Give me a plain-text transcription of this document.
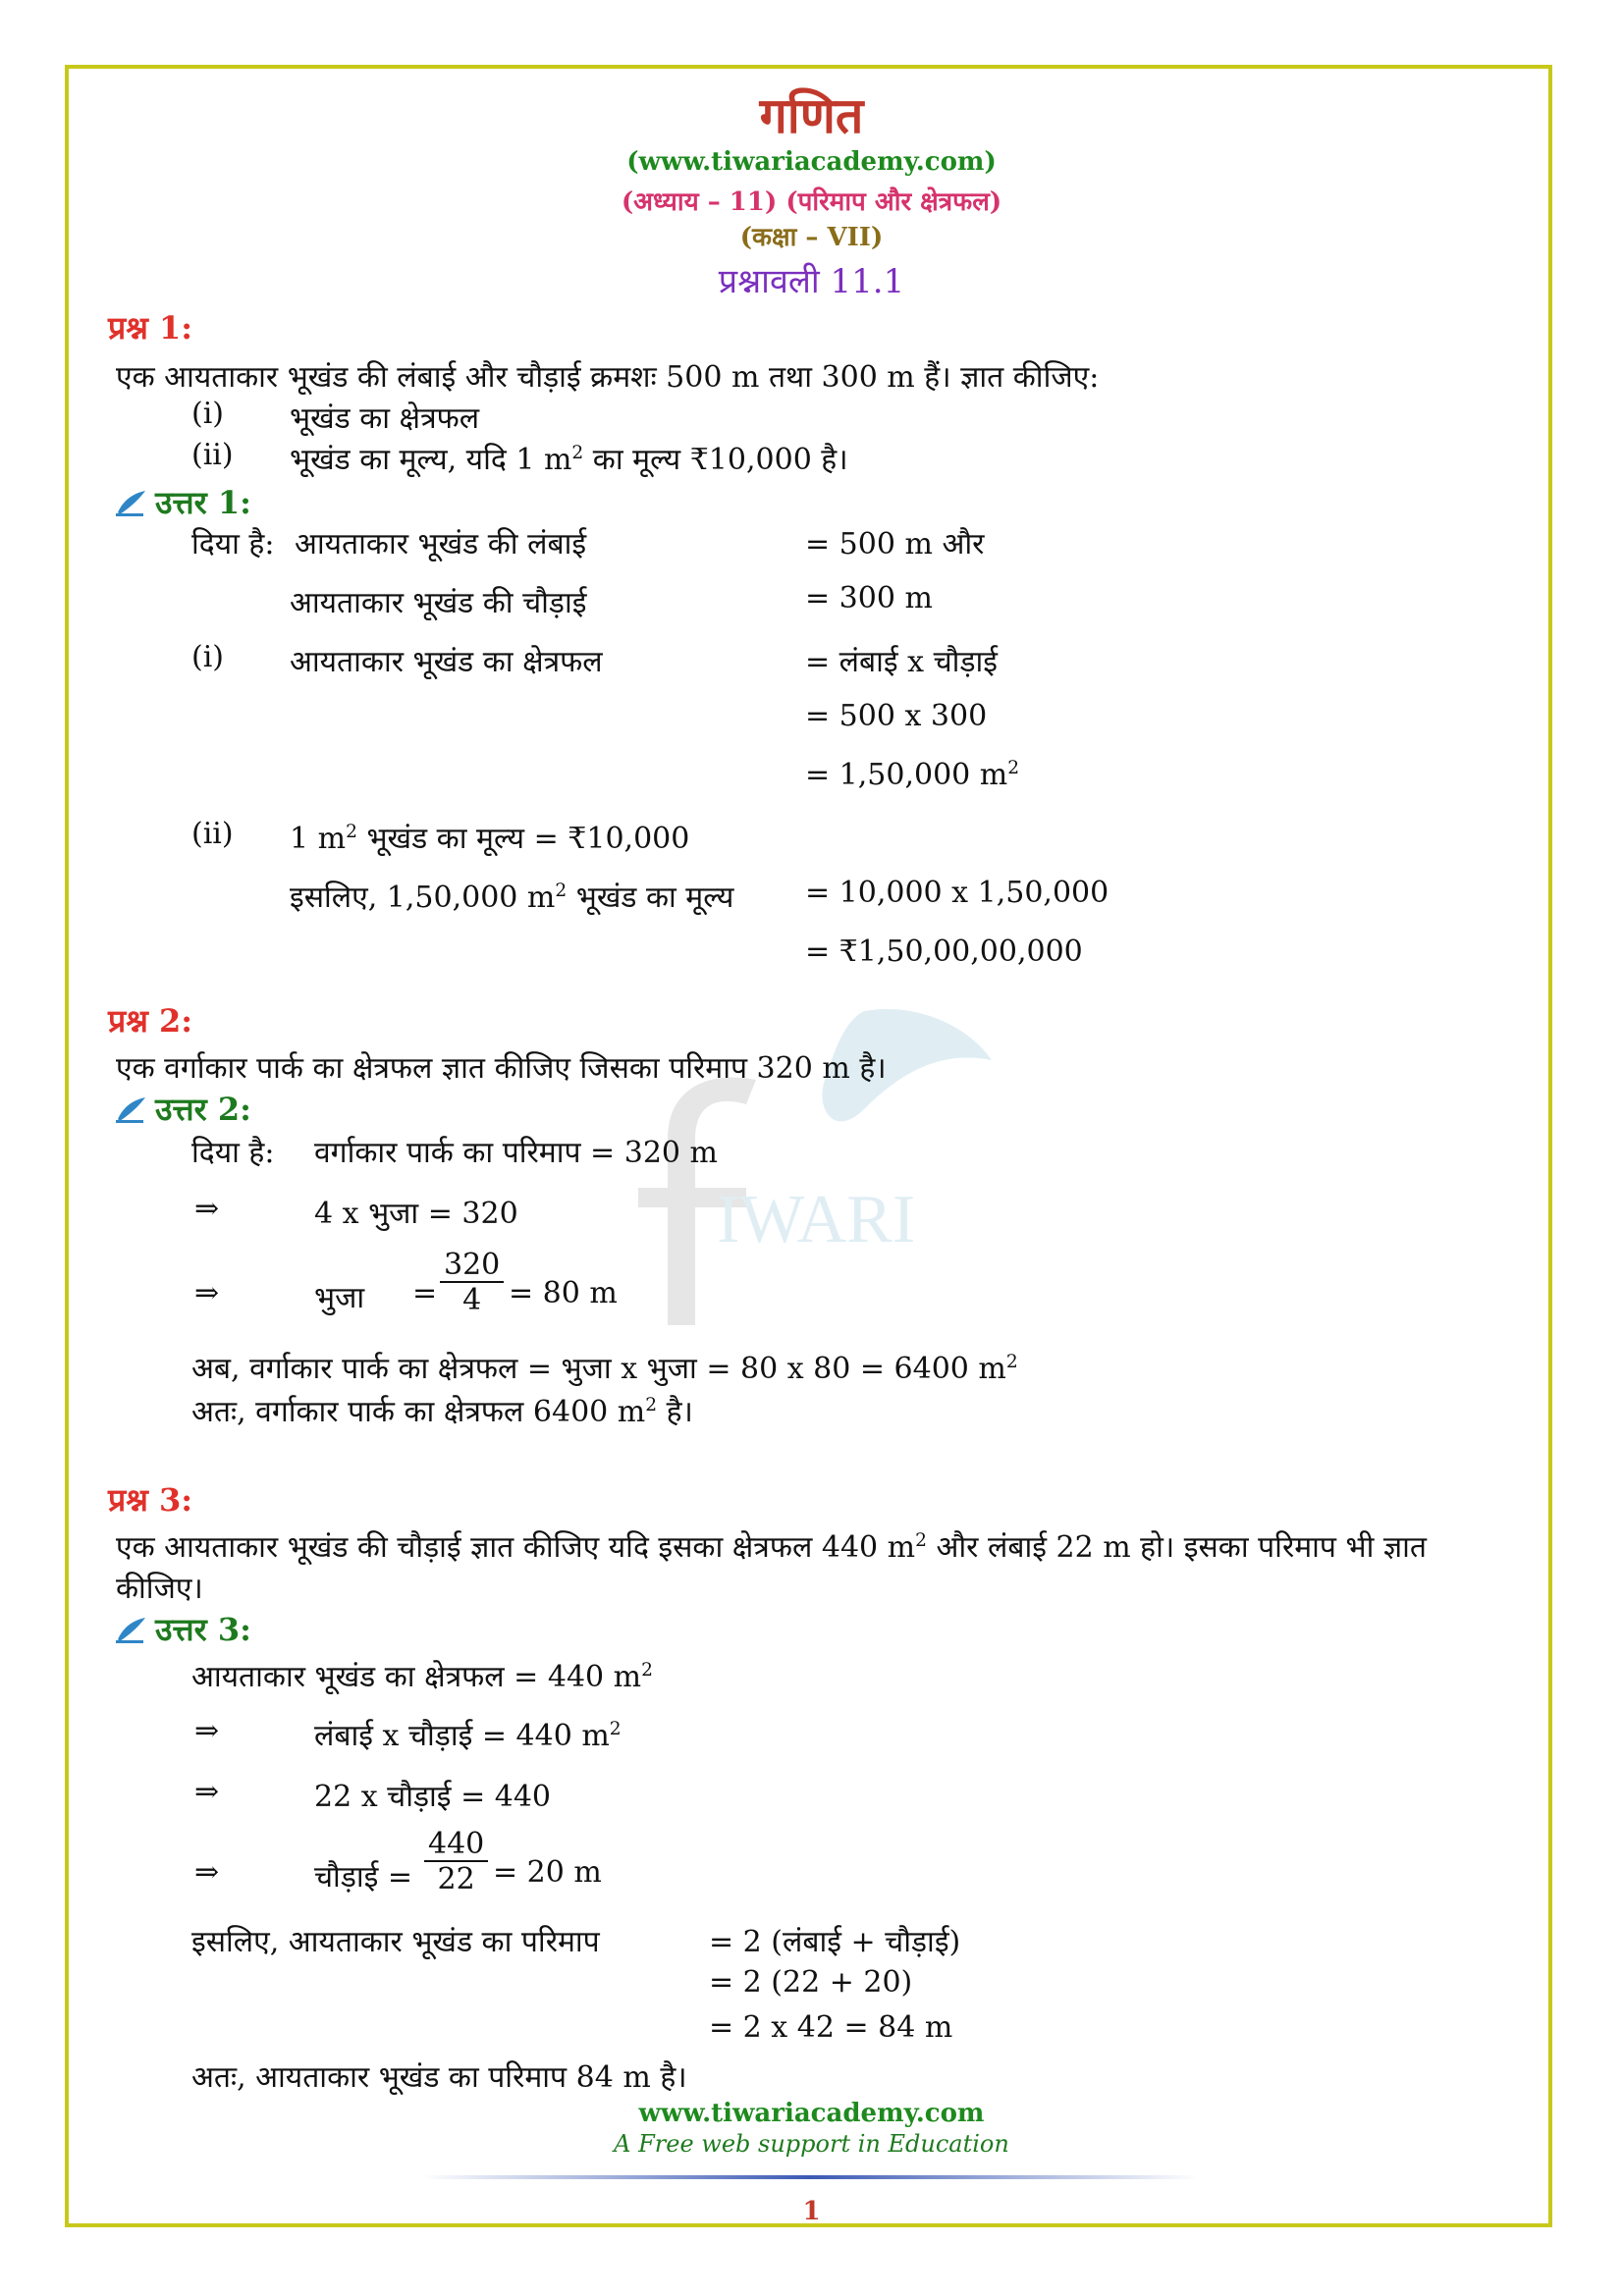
IWARI
गणित
(www.tiwariacademy.com)
(अध्याय – 11) (परिमाप और क्षेत्रफल)
(कक्षा – VII)
प्रश्नावली 11.1
प्रश्न 1:
एक आयताकार भूखंड की लंबाई और चौड़ाई क्रमशः 500 m तथा 300 m हैं। ज्ञात कीजिए:
(i) भूखंड का क्षेत्रफल
(ii) भूखंड का मूल्य, यदि 1 $m^2$ का मूल्य ₹10,000 है।
उत्तर 1:
दिया है: आयताकार भूखंड की लंबाई	= 500 m और
आयताकार भूखंड की चौड़ाई	= 300 m
(i) आयताकार भूखंड का क्षेत्रफल	= लंबाई x चौड़ाई
= 500 x 300
= 1,50,000 $m^2$
(ii) 1 $m^2$ भूखंड का मूल्य = ₹10,000
इसलिए, 1,50,000 $m^2$ भूखंड का मूल्य = 10,000 x 1,50,000
= ₹1,50,00,00,000
प्रश्न 2:
एक वर्गाकार पार्क का क्षेत्रफल ज्ञात कीजिए जिसका परिमाप 320 m है।
उत्तर 2:
दिया है: वर्गाकार पार्क का परिमाप = 320 m
⇒	4 x भुजा = 320
⇒	भुजा = $\frac{320}{4} = 80$ m
अब, वर्गाकार पार्क का क्षेत्रफल = भुजा x भुजा = 80 x 80 = 6400 $m^2$
अतः, वर्गाकार पार्क का क्षेत्रफल 6400 $m^2$ है।
प्रश्न 3:
एक आयताकार भूखंड की चौड़ाई ज्ञात कीजिए यदि इसका क्षेत्रफल 440 $m^2$ और लंबाई 22 m हो। इसका परिमाप भी ज्ञात
कीजिए।
उत्तर 3:
आयताकार भूखंड का क्षेत्रफल = 440 $m^2$
⇒	लंबाई x चौड़ाई = 440 $m^2$
⇒	22 x चौड़ाई = 440
⇒	चौड़ाई = $\frac{440}{22} = 20$ m
इसलिए, आयताकार भूखंड का परिमाप	= 2 (लंबाई + चौड़ाई)
= 2 (22 + 20)
= 2 x 42 = 84 m
अतः, आयताकार भूखंड का परिमाप 84 m है।
www.tiwariacademy.com
A Free web support in Education
1
